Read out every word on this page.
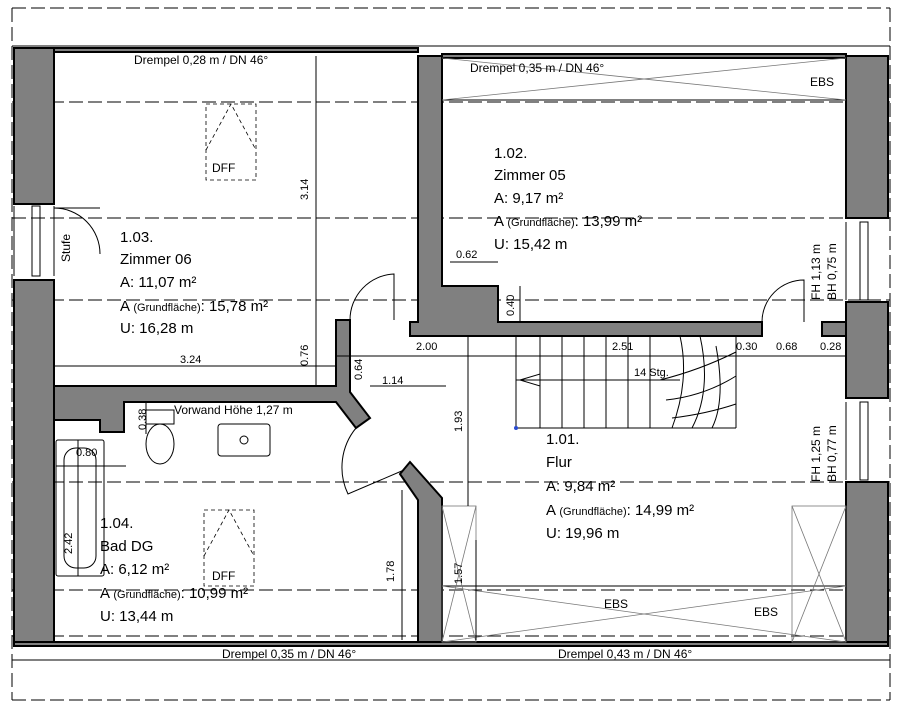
1.03.
Zimmer 06
A: 11,07 m²
A (Grundfläche): 15,78 m²
U: 16,28 m
1.02.
Zimmer 05
A: 9,17 m²
A (Grundfläche): 13,99 m²
U: 15,42 m
1.01.
Flur
A: 9,84 m²
A (Grundfläche): 14,99 m²
U: 19,96 m
1.04.
Bad DG
A: 6,12 m²
A (Grundfläche): 10,99 m²
U: 13,44 m
Drempel 0,28 m / DN 46°
Drempel 0,35 m / DN 46°
Drempel 0,35 m / DN 46°	Drempel 0,43 m / DN 46°
EBS
EBS
EBS
DFF
DFF
Stufe
14 Stg.
Vorwand Höhe 1,27 m
FH 1,13 m BH 0,75 m
FH 1,25 m BH 0,77 m
3.14
3.24	0.76
0.64
1.14
0.62
0.40
2.00	2.51	0.30 0.68 0.28
1.93
0.38
0.80
2.42
1.78	1.57
